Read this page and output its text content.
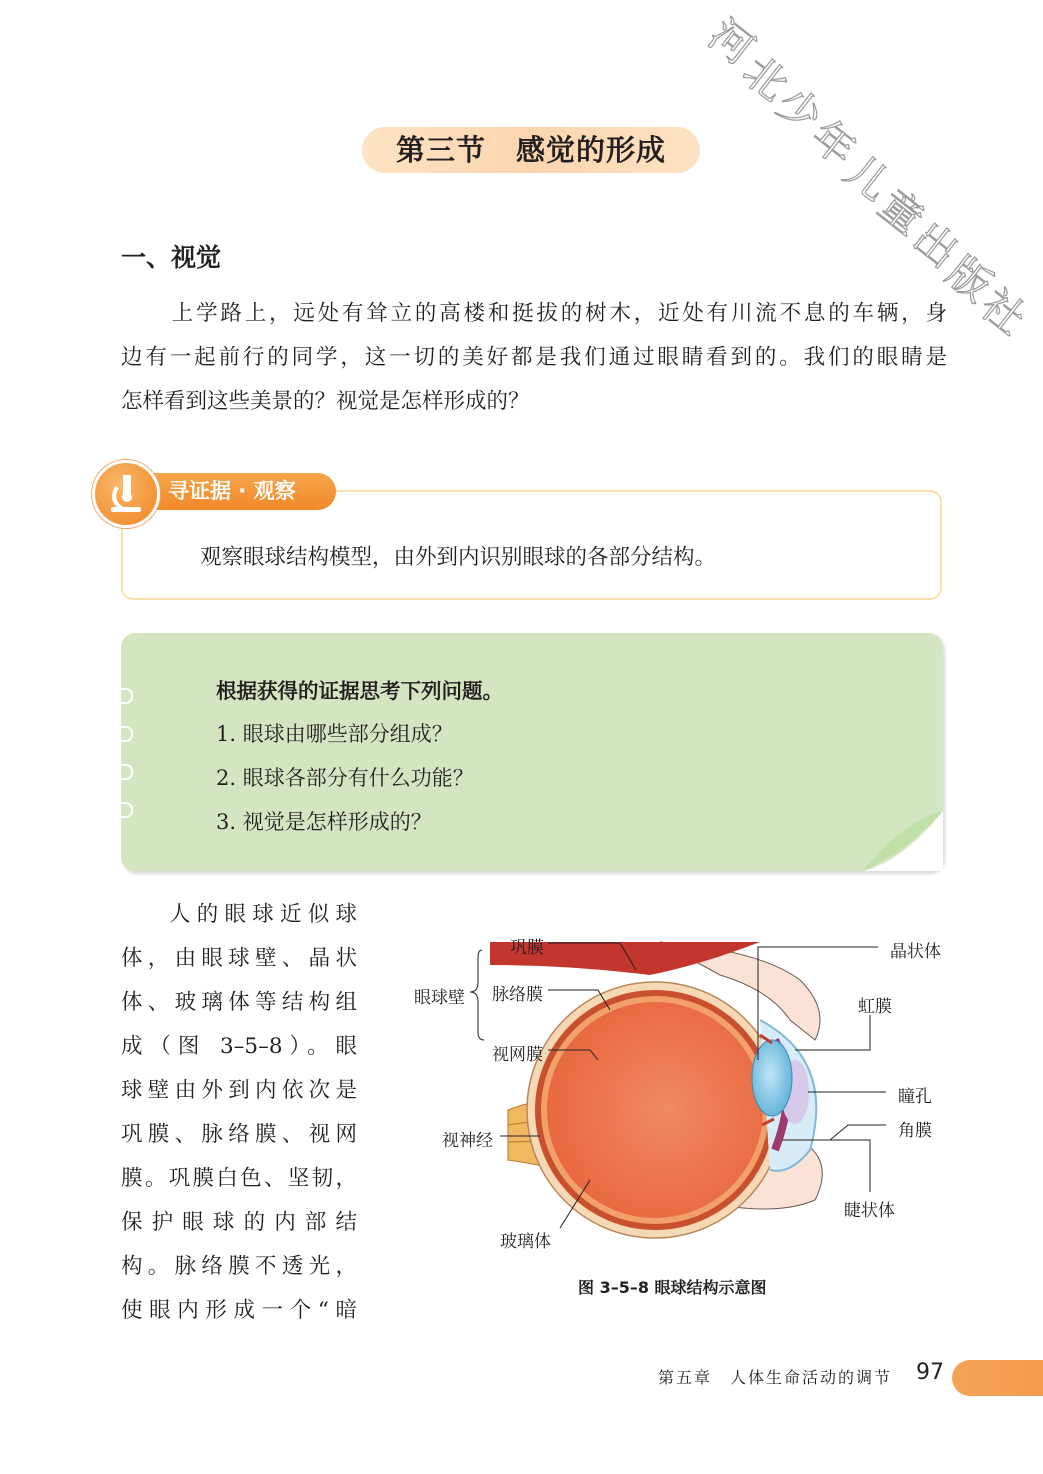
河
北
少
年
儿
童
出
版
社
第三节　感觉的形成
一、视觉
上学路上，远处有耸立的高楼和挺拔的树木，近处有川流不息的车辆，身
边有一起前行的同学，这一切的美好都是我们通过眼睛看到的。我们的眼睛是
怎样看到这些美景的？视觉是怎样形成的？
寻证据 · 观察
观察眼球结构模型，由外到内识别眼球的各部分结构。
根据获得的证据思考下列问题。
1. 眼球由哪些部分组成？
2. 眼球各部分有什么功能？
3. 视觉是怎样形成的？
人的眼球近似球
体，由眼球壁、晶状
体、玻璃体等结构组
成（图 3–5–8）。眼
球壁由外到内依次是
巩膜、脉络膜、视网
膜。巩膜白色、坚韧，
保护眼球的内部结
构。脉络膜不透光，
使眼内形成一个“暗
巩膜
脉络膜
视网膜
眼球壁
视神经
玻璃体
晶状体
虹膜
瞳孔
角膜
睫状体
图 3–5–8 眼球结构示意图
第五章　人体生命活动的调节 97
